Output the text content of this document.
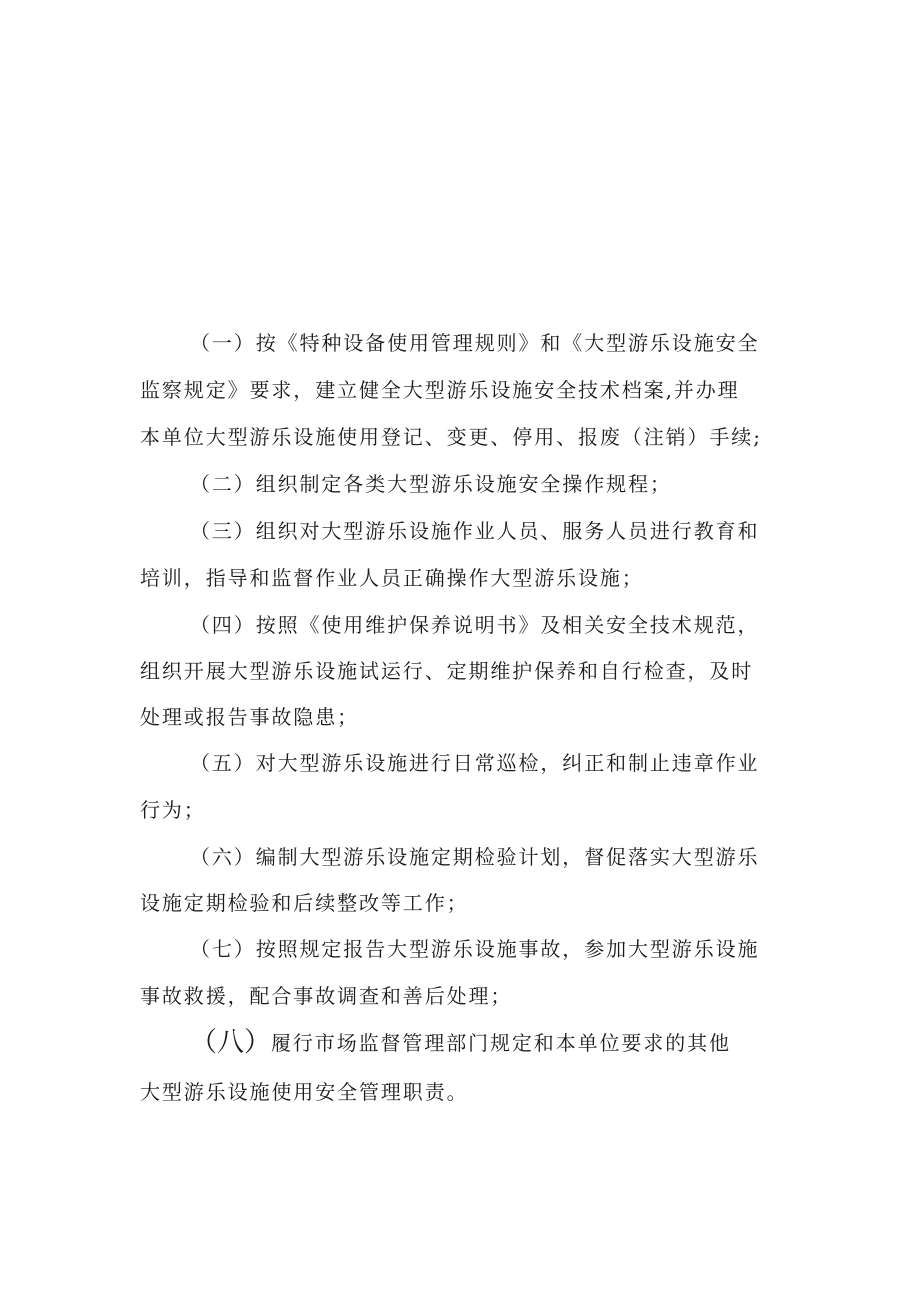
（一）按《特种设备使用管理规则》和《大型游乐设施安全
监察规定》要求，建立健全大型游乐设施安全技术档案,并办理
本单位大型游乐设施使用登记、变更、停用、报废（注销）手续;
（二）组织制定各类大型游乐设施安全操作规程；
（三）组织对大型游乐设施作业人员、服务人员进行教育和
培训，指导和监督作业人员正确操作大型游乐设施；
（四）按照《使用维护保养说明书》及相关安全技术规范，
组织开展大型游乐设施试运行、定期维护保养和自行检查，及时
处理或报告事故隐患；
（五）对大型游乐设施进行日常巡检，纠正和制止违章作业
行为；
（六）编制大型游乐设施定期检验计划，督促落实大型游乐
设施定期检验和后续整改等工作；
（七）按照规定报告大型游乐设施事故，参加大型游乐设施
事故救援，配合事故调查和善后处理；
（八）履行市场监督管理部门规定和本单位要求的其他
大型游乐设施使用安全管理职责。
